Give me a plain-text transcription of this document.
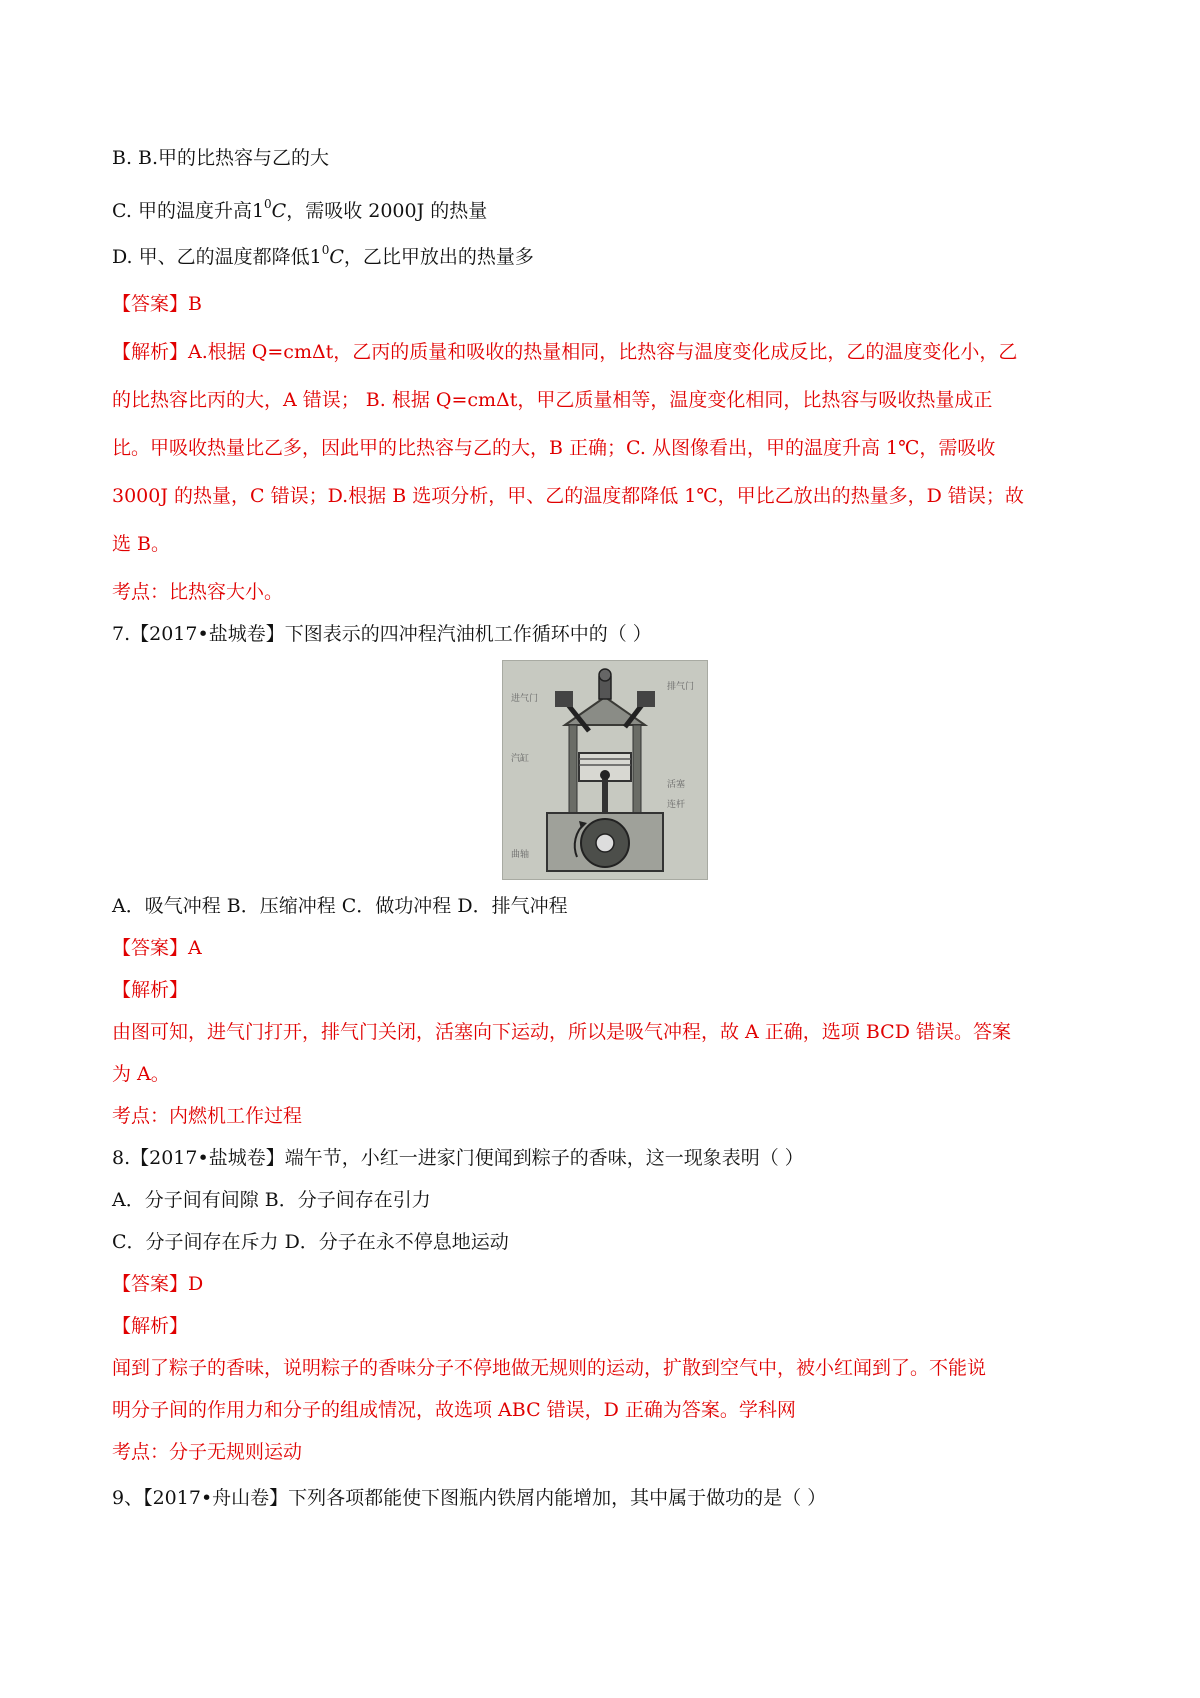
B. B.甲的比热容与乙的大
C. 甲的温度升高$1^0C$，需吸收 2000J 的热量
D. 甲、乙的温度都降低$1^0C$，乙比甲放出的热量多
【答案】B
【解析】A.根据 Q=cmΔt，乙丙的质量和吸收的热量相同，比热容与温度变化成反比，乙的温度变化小，乙
的比热容比丙的大，A 错误； B. 根据 Q=cmΔt，甲乙质量相等，温度变化相同，比热容与吸收热量成正
比。甲吸收热量比乙多，因此甲的比热容与乙的大，B 正确；C. 从图像看出，甲的温度升高 1℃，需吸收
3000J 的热量，C 错误；D.根据 B 选项分析，甲、乙的温度都降低 1℃，甲比乙放出的热量多，D 错误；故
选 B。
考点：比热容大小。
7.【2017•盐城卷】下图表示的四冲程汽油机工作循环中的（ ）
进气门
排气门
汽缸
活塞
连杆
曲轴
A．吸气冲程 B．压缩冲程 C．做功冲程 D．排气冲程
【答案】A
【解析】
由图可知，进气门打开，排气门关闭，活塞向下运动，所以是吸气冲程，故 A 正确，选项 BCD 错误。答案
为 A。
考点：内燃机工作过程
8.【2017•盐城卷】端午节，小红一进家门便闻到粽子的香味，这一现象表明（ ）
A．分子间有间隙 B．分子间存在引力
C．分子间存在斥力 D．分子在永不停息地运动
【答案】D
【解析】
闻到了粽子的香味，说明粽子的香味分子不停地做无规则的运动，扩散到空气中，被小红闻到了。不能说
明分子间的作用力和分子的组成情况，故选项 ABC 错误，D 正确为答案。学科网
考点：分子无规则运动
9、【2017•舟山卷】下列各项都能使下图瓶内铁屑内能增加，其中属于做功的是（ ）
